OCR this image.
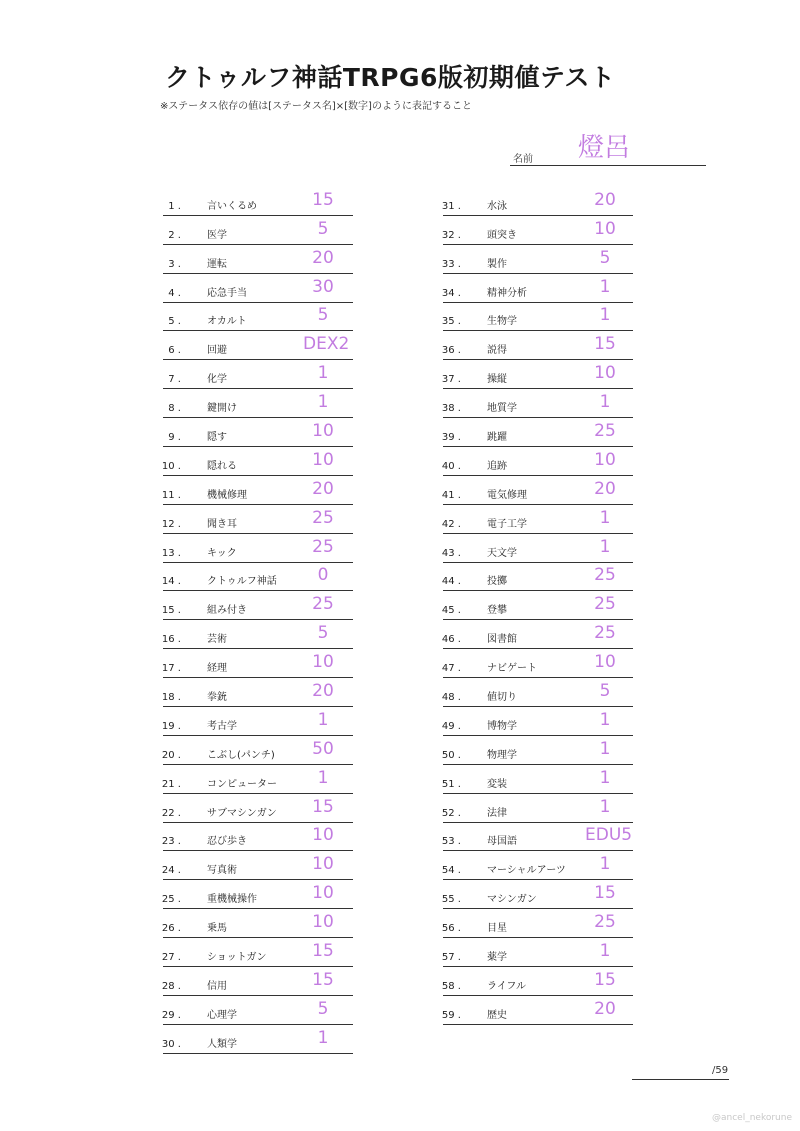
クトゥルフ神話TRPG6版初期値テスト
※ステータス依存の値は[ステータス名]×[数字]のように表記すること
名前 燈呂
1 .	言いくるめ	15
2 .	医学	5
3 .	運転	20
4 .	応急手当	30
5 .	オカルト	5
6 .	回避	DEX2
7 .	化学	1
8 .	鍵開け	1
9 .	隠す	10
10 .	隠れる	10
11 .	機械修理	20
12 .	聞き耳	25
13 .	キック	25
14 .	クトゥルフ神話	0
15 .	組み付き	25
16 .	芸術	5
17 .	経理	10
18 .	拳銃	20
19 .	考古学	1
20 .	こぶし(パンチ)	50
21 .	コンピューター	1
22 .	サブマシンガン	15
23 .	忍び歩き	10
24 .	写真術	10
25 .	重機械操作	10
26 .	乗馬	10
27 .	ショットガン	15
28 .	信用	15
29 .	心理学	5
30 .	人類学	1
31 .	水泳	20
32 .	頭突き	10
33 .	製作	5
34 .	精神分析	1
35 .	生物学	1
36 .	説得	15
37 .	操縦	10
38 .	地質学	1
39 .	跳躍	25
40 .	追跡	10
41 .	電気修理	20
42 .	電子工学	1
43 .	天文学	1
44 .	投擲	25
45 .	登攀	25
46 .	図書館	25
47 .	ナビゲート	10
48 .	値切り	5
49 .	博物学	1
50 .	物理学	1
51 .	変装	1
52 .	法律	1
53 .	母国語	EDU5
54 .	マーシャルアーツ	1
55 .	マシンガン	15
56 .	目星	25
57 .	薬学	1
58 .	ライフル	15
59 .	歴史	20
/59
@ancel_nekorune
